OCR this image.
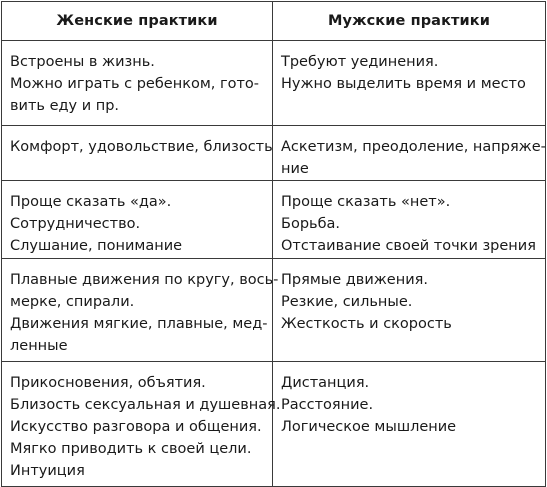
Женские практики	Мужские практики

Встроены в жизнь.
Можно играть с ребенком, гото-
вить еду и пр.	Требуют уединения.
Нужно выделить время и место

Комфорт, удовольствие, близость	Аскетизм, преодоление, напряже-
ние

Проще сказать «да».
Сотрудничество.
Слушание, понимание	Проще сказать «нет».
Борьба.
Отстаивание своей точки зрения

Плавные движения по кругу, вось-
мерке, спирали.
Движения мягкие, плавные, мед-
ленные	Прямые движения.
Резкие, сильные.
Жесткость и скорость

Прикосновения, объятия.
Близость сексуальная и душевная.
Искусство разговора и общения.
Мягко приводить к своей цели.
Интуиция	Дистанция.
Расстояние.
Логическое мышление
